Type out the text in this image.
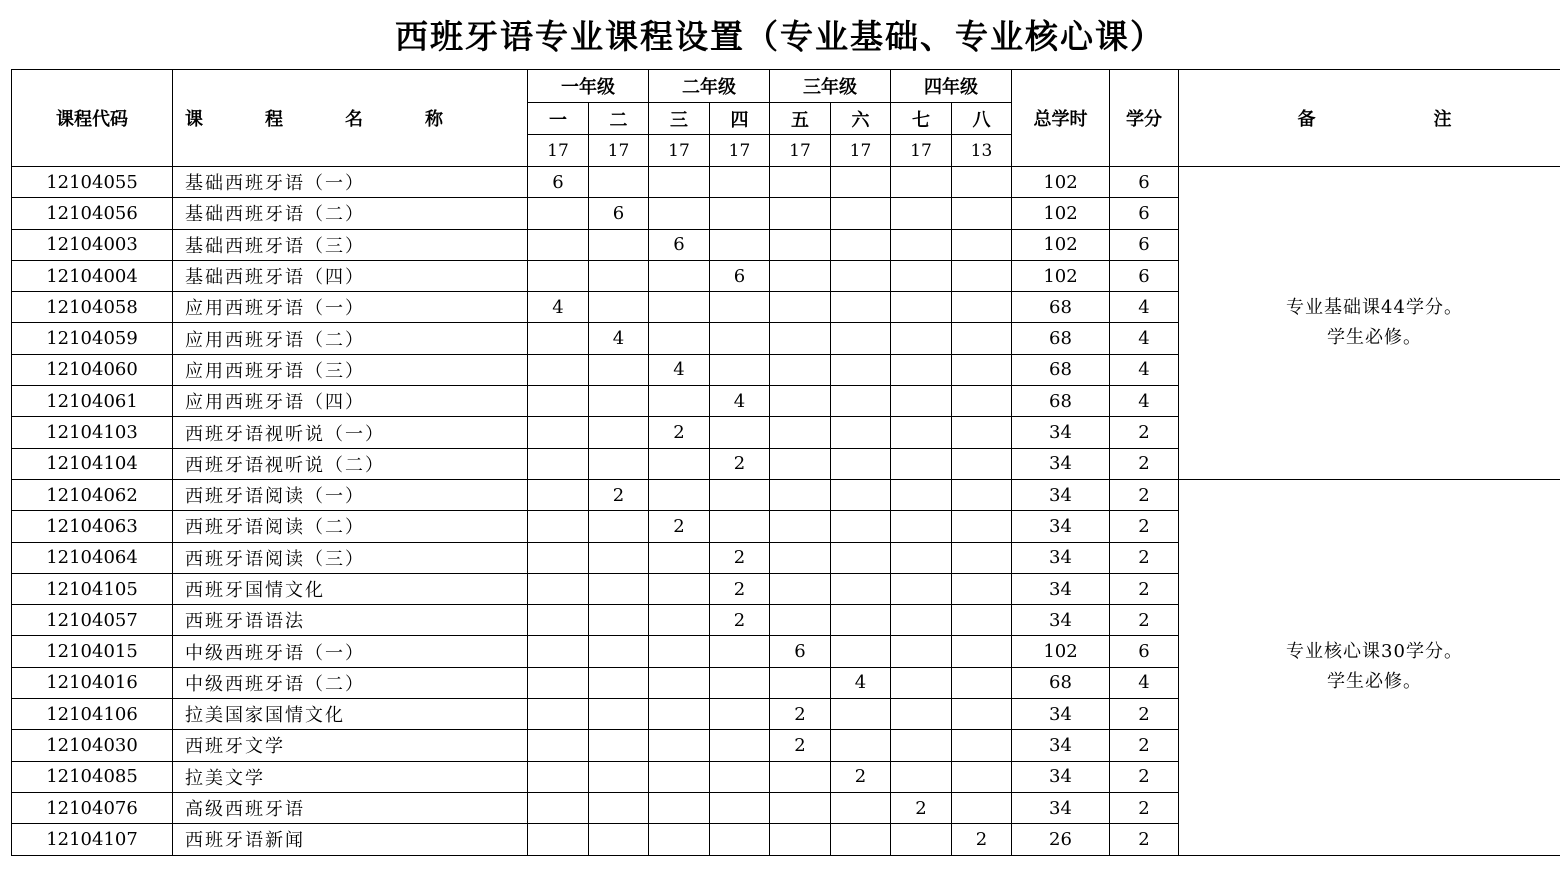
西班牙语专业课程设置（专业基础、专业核心课）
课程代码	课　程　名　称	一年级		二年级		三年级		四年级		总学时	学分	备 注
		一	二	三	四	五	六	七	八			
		17	17	17	17	17	17	17	13			
12104055	基础西班牙语（一）	6								102	6	专业基础课44学分。
学生必修。

12104056	基础西班牙语（二）		6							102	6	
12104003	基础西班牙语（三）			6						102	6	
12104004	基础西班牙语（四）				6					102	6	
12104058	应用西班牙语（一）	4								68	4	
12104059	应用西班牙语（二）		4							68	4	
12104060	应用西班牙语（三）			4						68	4	
12104061	应用西班牙语（四）				4					68	4	
12104103	西班牙语视听说（一）			2						34	2	
12104104	西班牙语视听说（二）				2					34	2	
12104062	西班牙语阅读（一）		2							34	2	专业核心课30学分。
学生必修。

12104063	西班牙语阅读（二）			2						34	2	
12104064	西班牙语阅读（三）				2					34	2	
12104105	西班牙国情文化				2					34	2	
12104057	西班牙语语法				2					34	2	
12104015	中级西班牙语（一）					6				102	6	
12104016	中级西班牙语（二）						4			68	4	
12104106	拉美国家国情文化					2				34	2	
12104030	西班牙文学					2				34	2	
12104085	拉美文学						2			34	2	
12104076	高级西班牙语							2		34	2	
12104107	西班牙语新闻								2	26	2	
